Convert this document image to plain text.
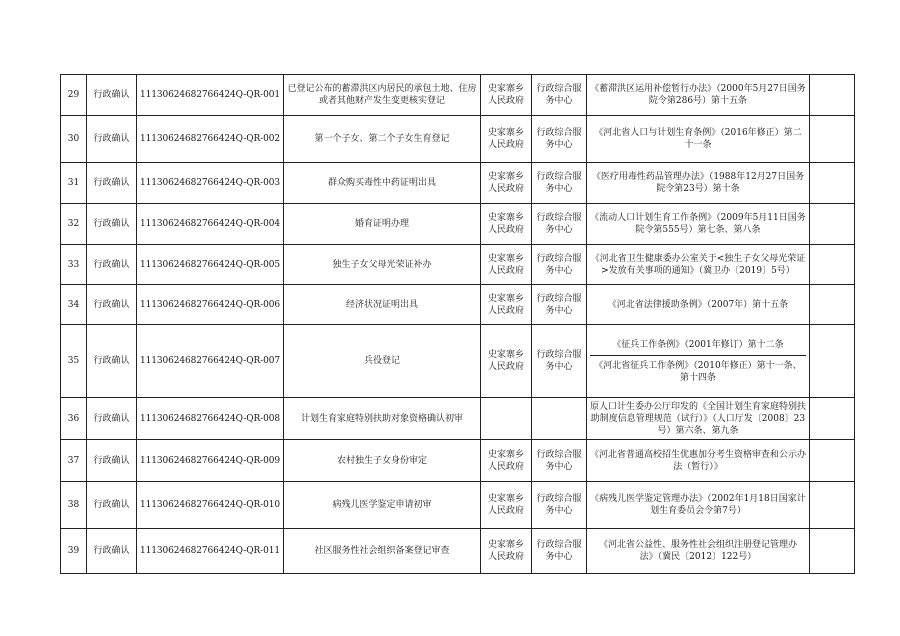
29	行政确认	11130624682766424Q-QR-001	已登记公布的蓄滞洪区内居民的承包土地、住房或者其他财产发生变更核实登记	史家寨乡人民政府	行政综合服务中心	《蓄滞洪区运用补偿暂行办法》（2000年5月27日国务院令第286号）第十五条	

30	行政确认	11130624682766424Q-QR-002	第一个子女、第二个子女生育登记	史家寨乡人民政府	行政综合服务中心	《河北省人口与计划生育条例》（2016年修正）第二十一条	

31	行政确认	11130624682766424Q-QR-003	群众购买毒性中药证明出具	史家寨乡人民政府	行政综合服务中心	《医疗用毒性药品管理办法》（1988年12月27日国务院令第23号）第十条	

32	行政确认	11130624682766424Q-QR-004	婚育证明办理	史家寨乡人民政府	行政综合服务中心	《流动人口计划生育工作条例》（2009年5月11日国务院令第555号）第七条、第八条	

33	行政确认	11130624682766424Q-QR-005	独生子女父母光荣证补办	史家寨乡人民政府	行政综合服务中心	《河北省卫生健康委办公室关于<独生子女父母光荣证>发放有关事项的通知》（冀卫办〔2019〕5号）	

34	行政确认	11130624682766424Q-QR-006	经济状况证明出具	史家寨乡人民政府	行政综合服务中心	《河北省法律援助条例》（2007年）第十五条	

35	行政确认	11130624682766424Q-QR-007	兵役登记	史家寨乡人民政府	行政综合服务中心	《征兵工作条例》（2001年修订）第十二条
《河北省征兵工作条例》（2010年修正）第十一条、第十四条	

36	行政确认	11130624682766424Q-QR-008	计划生育家庭特别扶助对象资格确认初审			原人口计生委办公厅印发的《全国计划生育家庭特别扶助制度信息管理规范（试行）》（人口厅发〔2008〕23号）第六条、第九条	

37	行政确认	11130624682766424Q-QR-009	农村独生子女身份审定	史家寨乡人民政府	行政综合服务中心	《河北省普通高校招生优惠加分考生资格审查和公示办法（暂行）》	

38	行政确认	11130624682766424Q-QR-010	病残儿医学鉴定申请初审	史家寨乡人民政府	行政综合服务中心	《病残儿医学鉴定管理办法》（2002年1月18日国家计划生育委员会令第7号）	

39	行政确认	11130624682766424Q-QR-011	社区服务性社会组织备案登记审查	史家寨乡人民政府	行政综合服务中心	《河北省公益性、服务性社会组织注册登记管理办法》（冀民〔2012〕122号）	
